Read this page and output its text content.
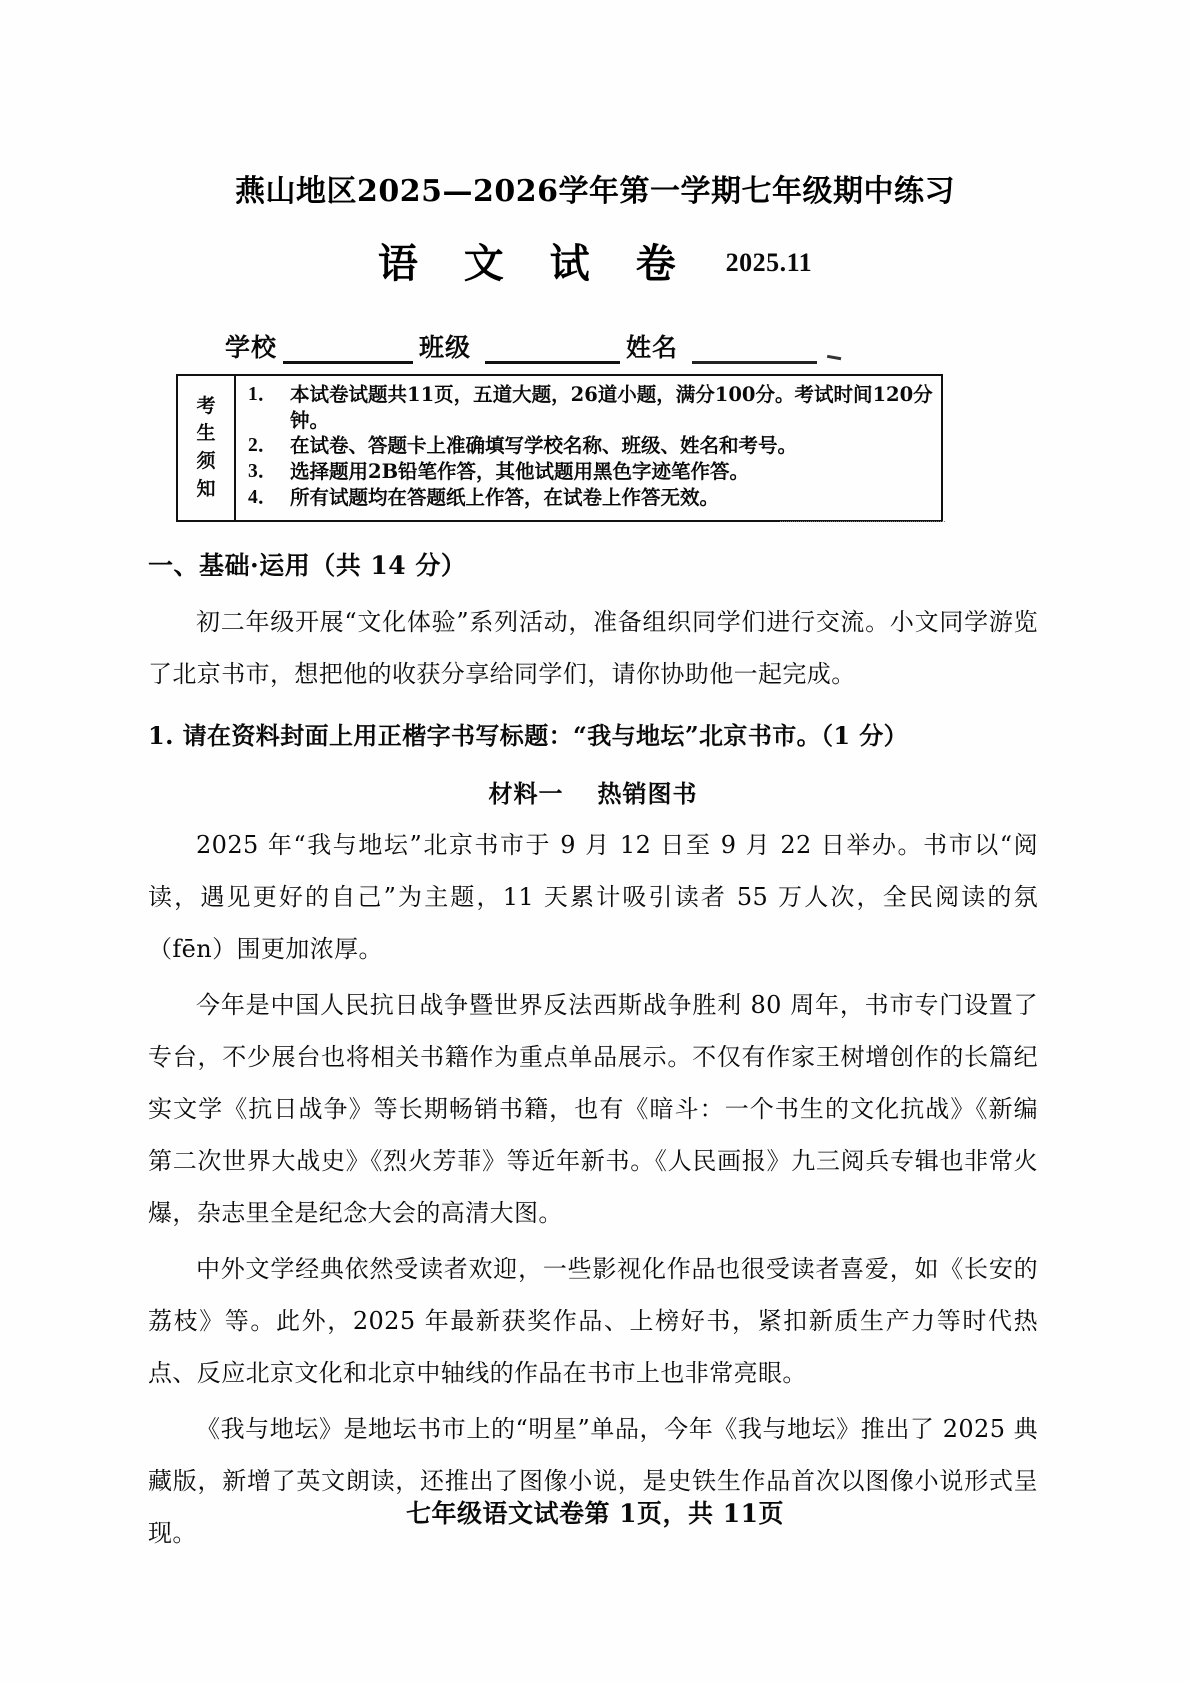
燕山地区2025—2026学年第一学期七年级期中练习
语 文 试 卷 2025.11
学校	班级	姓名
考
生
须
知
1． 本试卷试题共11页，五道大题，26道小题，满分100分。考试时间120分钟。
2． 在试卷、答题卡上准确填写学校名称、班级、姓名和考号。
3． 选择题用2B铅笔作答，其他试题用黑色字迹笔作答。
4． 所有试题均在答题纸上作答，在试卷上作答无效。
一、基础·运用（共 14 分）

初二年级开展“文化体验”系列活动，准备组织同学们进行交流。小文同学游览了北京书市，想把他的收获分享给同学们，请你协助他一起完成。

1. 请在资料封面上用正楷字书写标题：“我与地坛”北京书市。（1 分）
材料一 热销图书

2025 年“我与地坛”北京书市于 9 月 12 日至 9 月 22 日举办。书市以“阅读，遇见更好的自己”为主题，11 天累计吸引读者 55 万人次，全民阅读的氛（fēn）围更加浓厚。

今年是中国人民抗日战争暨世界反法西斯战争胜利 80 周年，书市专门设置了专台，不少展台也将相关书籍作为重点单品展示。不仅有作家王树增创作的长篇纪实文学《抗日战争》等长期畅销书籍，也有《暗斗：一个书生的文化抗战》《新编第二次世界大战史》《烈火芳菲》等近年新书。《人民画报》九三阅兵专辑也非常火爆，杂志里全是纪念大会的高清大图。

中外文学经典依然受读者欢迎，一些影视化作品也很受读者喜爱，如《长安的荔枝》等。此外，2025 年最新获奖作品、上榜好书，紧扣新质生产力等时代热点、反应北京文化和北京中轴线的作品在书市上也非常亮眼。

《我与地坛》是地坛书市上的“明星”单品，今年《我与地坛》推出了 2025 典藏版，新增了英文朗读，还推出了图像小说，是史铁生作品首次以图像小说形式呈现。

七年级语文试卷第 1页，共 11页
